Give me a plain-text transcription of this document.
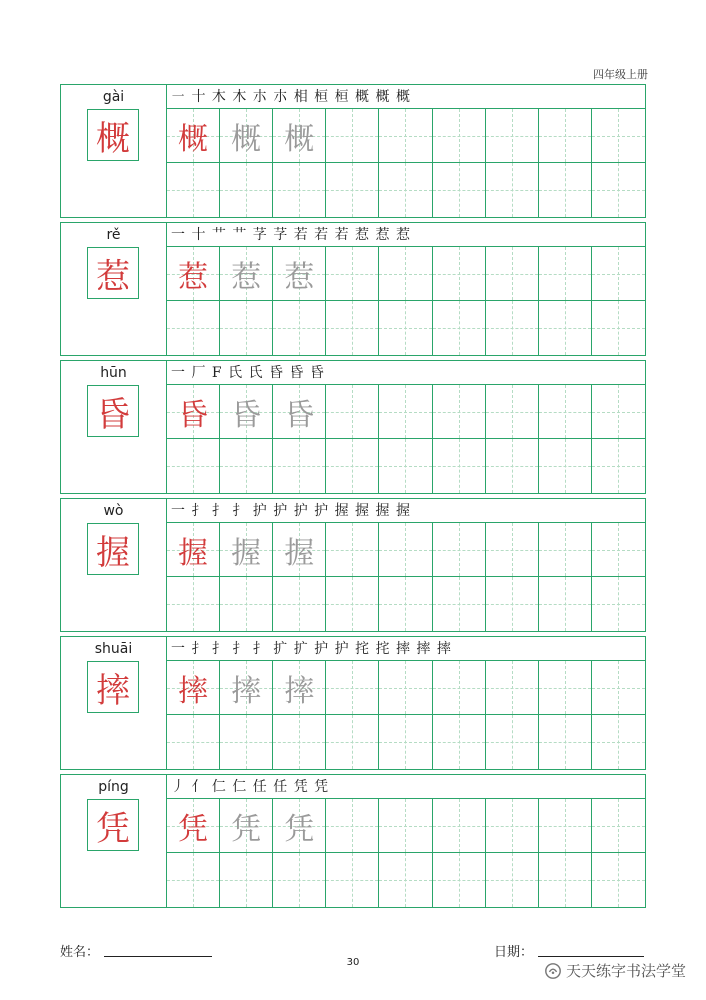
四年级上册
gài
概
㇐ 十 木 木 朩 朩 相 桓 桓 概 概 概
概 概 概
rě
惹
一 十 艹 艹 芓 芓 若 若 若 惹 惹 惹
惹 惹 惹
hūn
昏
一 厂 F 氏 氏 昏 昏 昏
昏 昏 昏
wò
握
一 扌 扌 扌 护 护 护 护 握 握 握 握
握 握 握
shuāi
摔
一 扌 扌 扌 扌 扩 扩 护 护 挓 挓 摔 摔 摔
摔 摔 摔
píng
凭
丿 亻 仁 仁 任 任 凭 凭
凭 凭 凭
姓名：	日期：
30	天天练字书法学堂
